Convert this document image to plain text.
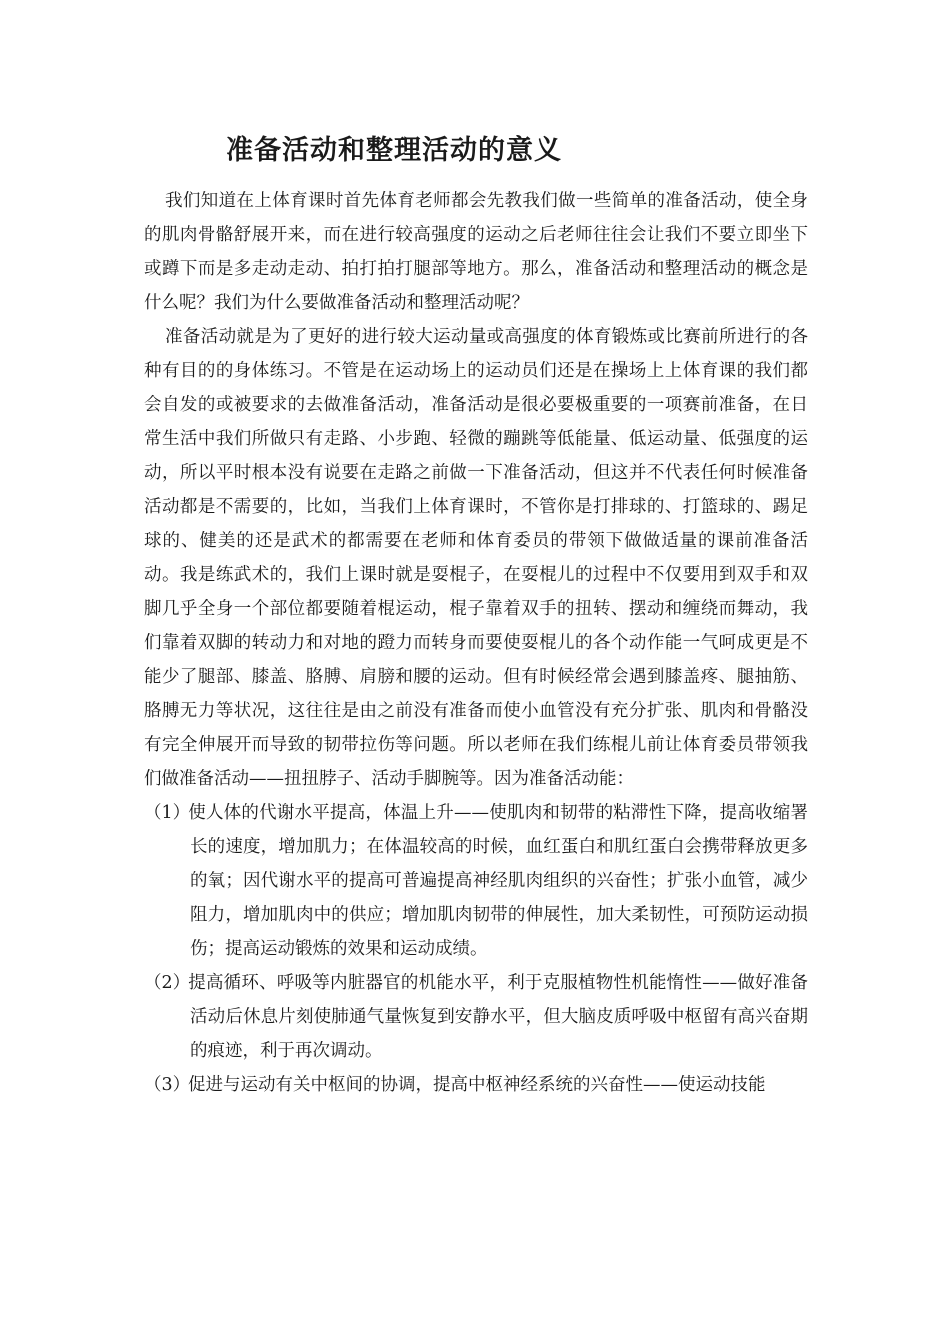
准备活动和整理活动的意义

我们知道在上体育课时首先体育老师都会先教我们做一些简单的准备活动，使全身的肌肉骨骼舒展开来，而在进行较高强度的运动之后老师往往会让我们不要立即坐下或蹲下而是多走动走动、拍打拍打腿部等地方。那么，准备活动和整理活动的概念是什么呢？我们为什么要做准备活动和整理活动呢？

准备活动就是为了更好的进行较大运动量或高强度的体育锻炼或比赛前所进行的各种有目的的身体练习。不管是在运动场上的运动员们还是在操场上上体育课的我们都会自发的或被要求的去做准备活动，准备活动是很必要极重要的一项赛前准备，在日常生活中我们所做只有走路、小步跑、轻微的蹦跳等低能量、低运动量、低强度的运动，所以平时根本没有说要在走路之前做一下准备活动，但这并不代表任何时候准备活动都是不需要的，比如，当我们上体育课时，不管你是打排球的、打篮球的、踢足球的、健美的还是武术的都需要在老师和体育委员的带领下做做适量的课前准备活动。我是练武术的，我们上课时就是耍棍子，在耍棍儿的过程中不仅要用到双手和双脚几乎全身一个部位都要随着棍运动，棍子靠着双手的扭转、摆动和缠绕而舞动，我们靠着双脚的转动力和对地的蹬力而转身而要使耍棍儿的各个动作能一气呵成更是不能少了腿部、膝盖、胳膊、肩膀和腰的运动。但有时候经常会遇到膝盖疼、腿抽筋、胳膊无力等状况，这往往是由之前没有准备而使小血管没有充分扩张、肌肉和骨骼没有完全伸展开而导致的韧带拉伤等问题。所以老师在我们练棍儿前让体育委员带领我们做准备活动——扭扭脖子、活动手脚腕等。因为准备活动能：

（1）使人体的代谢水平提高，体温上升——使肌肉和韧带的粘滞性下降，提高收缩署长的速度，增加肌力；在体温较高的时候，血红蛋白和肌红蛋白会携带释放更多的氧；因代谢水平的提高可普遍提高神经肌肉组织的兴奋性；扩张小血管，减少阻力，增加肌肉中的供应；增加肌肉韧带的伸展性，加大柔韧性，可预防运动损伤；提高运动锻炼的效果和运动成绩。

（2）提高循环、呼吸等内脏器官的机能水平，利于克服植物性机能惰性——做好准备活动后休息片刻使肺通气量恢复到安静水平，但大脑皮质呼吸中枢留有高兴奋期的痕迹，利于再次调动。

（3）促进与运动有关中枢间的协调，提高中枢神经系统的兴奋性——使运动技能
